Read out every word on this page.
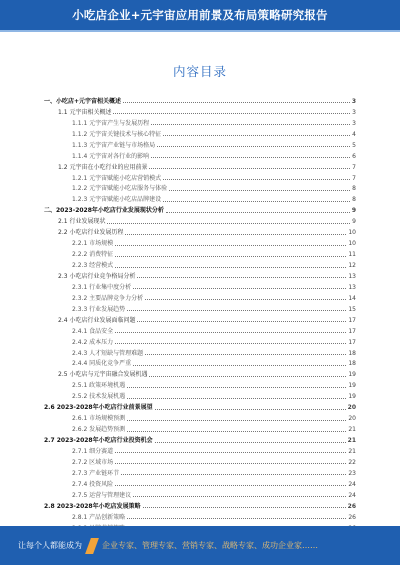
小吃店企业+元宇宙应用前景及布局策略研究报告
内容目录
一、小吃店+元宇宙相关概述	3
1.1 元宇宙相关概述	3
1.1.1 元宇宙产生与发展历程	3
1.1.2 元宇宙关键技术与核心特征	4
1.1.3 元宇宙产业链与市场格局	5
1.1.4 元宇宙对各行业的影响	6
1.2 元宇宙在小吃行业的应用前景	7
1.2.1 元宇宙赋能小吃店营销模式	7
1.2.2 元宇宙赋能小吃店服务与体验	8
1.2.3 元宇宙赋能小吃店品牌建设	8
二、2023-2028年小吃店行业发展现状分析	9
2.1 行业发展现状	9
2.2 小吃店行业发展历程	10
2.2.1 市场规模	10
2.2.2 消费特征	11
2.2.3 经营模式	12
2.3 小吃店行业竞争格局分析	13
2.3.1 行业集中度分析	13
2.3.2 主要品牌竞争力分析	14
2.3.3 行业发展趋势	15
2.4 小吃店行业发展面临问题	17
2.4.1 食品安全	17
2.4.2 成本压力	17
2.4.3 人才短缺与管理难题	18
2.4.4 同质化竞争严重	18
2.5 小吃店与元宇宙融合发展机遇	19
2.5.1 政策环境机遇	19
2.5.2 技术发展机遇	19
2.6 2023-2028年小吃店行业前景展望	20
2.6.1 市场规模预测	20
2.6.2 发展趋势预测	21
2.7 2023-2028年小吃店行业投资机会	21
2.7.1 细分赛道	21
2.7.2 区域市场	22
2.7.3 产业链环节	23
2.7.4 投资风险	24
2.7.5 运营与管理建议	24
2.8 2023-2028年小吃店发展策略	26
2.8.1 产品创新策略	26
让每个人都能成为	企业专家、管理专家、营销专家、战略专家、成功企业家……
